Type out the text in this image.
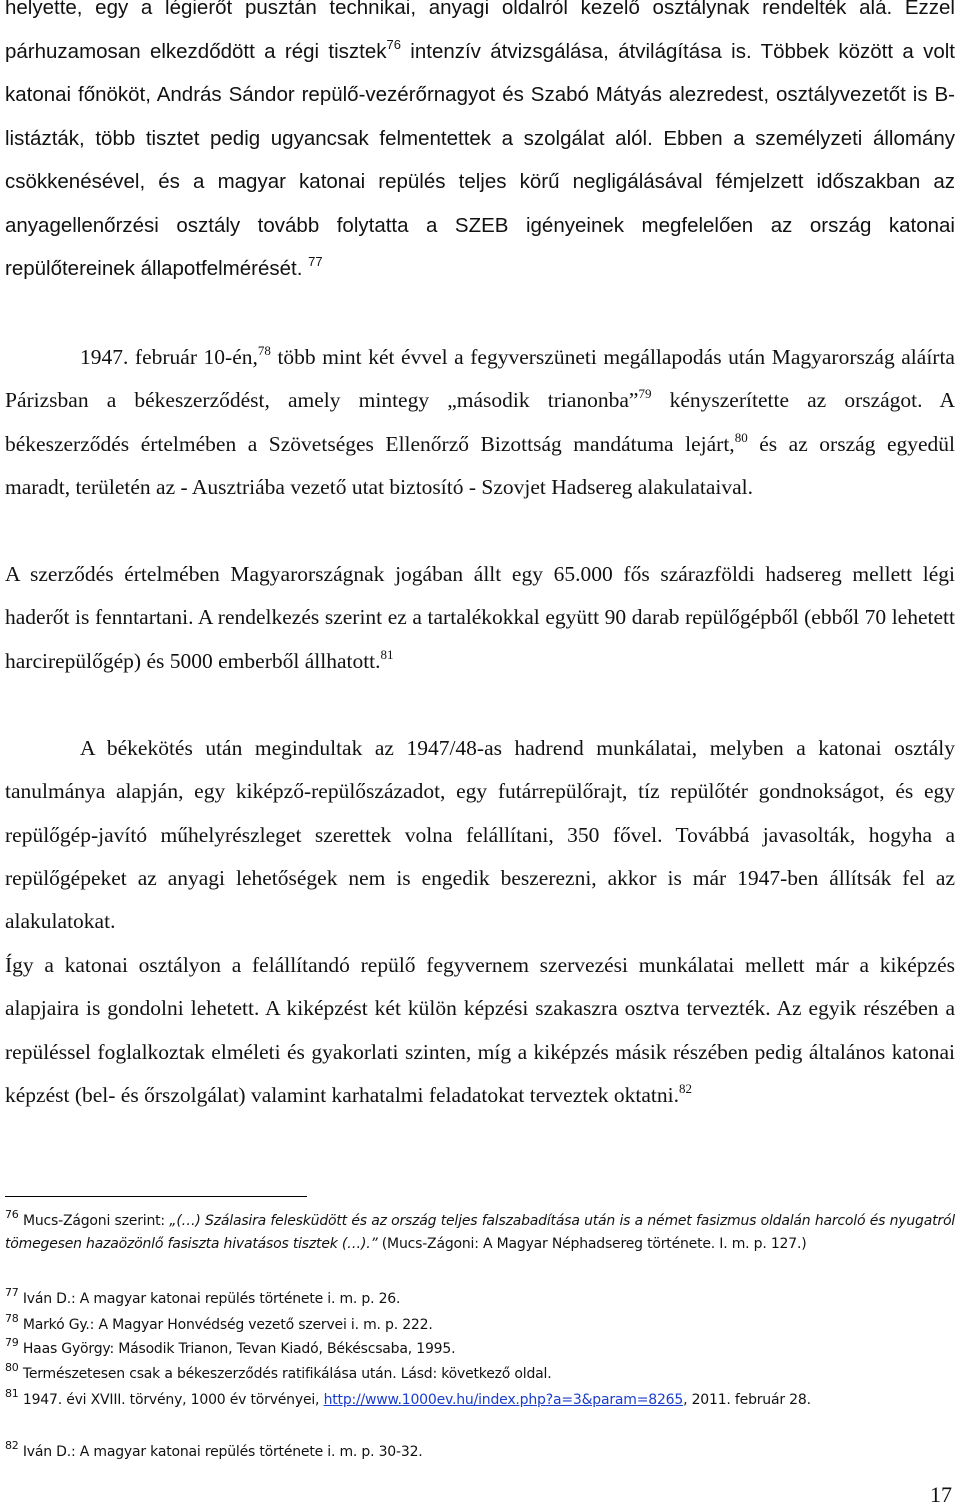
helyette, egy a légierőt pusztán technikai, anyagi oldalról kezelő osztálynak rendelték alá. Ezzel párhuzamosan elkezdődött a régi tisztek$^{76}$ intenzív átvizsgálása, átvilágítása is. Többek között a volt katonai főnököt, András Sándor repülő-vezérőrnagyot és Szabó Mátyás alezredest, osztályvezetőt is B-listázták, több tisztet pedig ugyancsak felmentettek a szolgálat alól. Ebben a személyzeti állomány csökkenésével, és a magyar katonai repülés teljes körű negligálásával fémjelzett időszakban az anyagellenőrzési osztály tovább folytatta a SZEB igényeinek megfelelően az ország katonai repülőtereinek állapotfelmérését. $^{77}$
1947. február 10-én,$^{78}$ több mint két évvel a fegyverszüneti megállapodás után Magyarország aláírta Párizsban a békeszerződést, amely mintegy „második trianonba”$^{79}$ kényszerítette az országot. A békeszerződés értelmében a Szövetséges Ellenőrző Bizottság mandátuma lejárt,$^{80}$ és az ország egyedül maradt, területén az - Ausztriába vezető utat biztosító - Szovjet Hadsereg alakulataival.
A szerződés értelmében Magyarországnak jogában állt egy 65.000 fős szárazföldi hadsereg mellett légi haderőt is fenntartani. A rendelkezés szerint ez a tartalékokkal együtt 90 darab repülőgépből (ebből 70 lehetett harcirepülőgép) és 5000 emberből állhatott.$^{81}$
A békekötés után megindultak az 1947/48-as hadrend munkálatai, melyben a katonai osztály tanulmánya alapján, egy kiképző-repülőszázadot, egy futárrepülőrajt, tíz repülőtér gondnokságot, és egy repülőgép-javító műhelyrészleget szerettek volna felállítani, 350 fővel. Továbbá javasolták, hogyha a repülőgépeket az anyagi lehetőségek nem is engedik beszerezni, akkor is már 1947-ben állítsák fel az alakulatokat.
Így a katonai osztályon a felállítandó repülő fegyvernem szervezési munkálatai mellett már a kiképzés alapjaira is gondolni lehetett. A kiképzést két külön képzési szakaszra osztva tervezték. Az egyik részében a repüléssel foglalkoztak elméleti és gyakorlati szinten, míg a kiképzés másik részében pedig általános katonai képzést (bel- és őrszolgálat) valamint karhatalmi feladatokat terveztek oktatni.$^{82}$
$^{76}$ Mucs-Zágoni szerint: „(…) Szálasira felesküdött és az ország teljes falszabadítása után is a német fasizmus oldalán harcoló és nyugatról tömegesen hazaözönlő fasiszta hivatásos tisztek (…).” (Mucs-Zágoni: A Magyar Néphadsereg története. I. m. p. 127.)
$^{77}$ Iván D.: A magyar katonai repülés története i. m. p. 26.
$^{78}$ Markó Gy.: A Magyar Honvédség vezető szervei i. m. p. 222.
$^{79}$ Haas György: Második Trianon, Tevan Kiadó, Békéscsaba, 1995.
$^{80}$ Természetesen csak a békeszerződés ratifikálása után. Lásd: következő oldal.
$^{81}$ 1947. évi XVIII. törvény, 1000 év törvényei, http://www.1000ev.hu/index.php?a=3&param=8265, 2011. február 28.
$^{82}$ Iván D.: A magyar katonai repülés története i. m. p. 30-32.
17
